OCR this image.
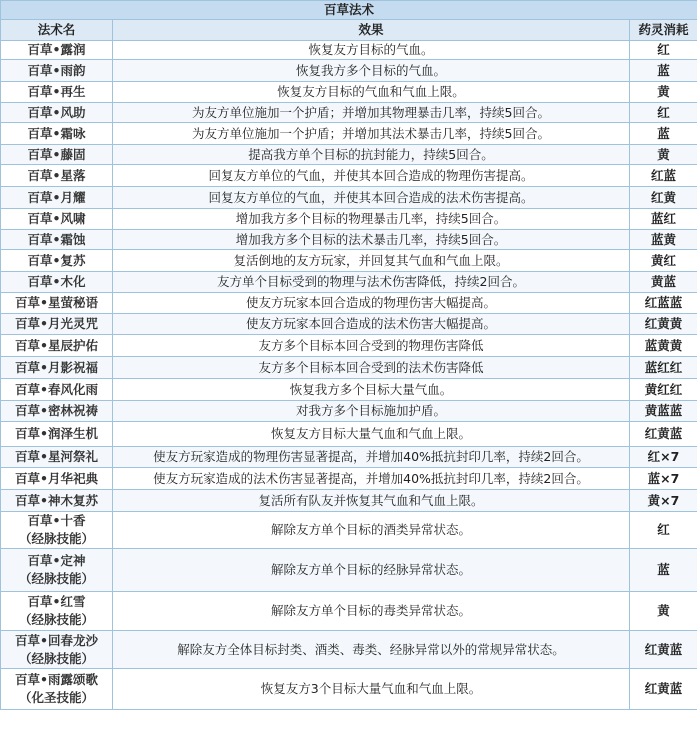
百草法术		
法术名	效果	药灵消耗

百草•露润	恢复友方目标的气血。	红

百草•雨韵	恢复我方多个目标的气血。	蓝

百草•再生	恢复友方目标的气血和气血上限。	黄

百草•风助	为友方单位施加一个护盾；并增加其物理暴击几率，持续5回合。	红

百草•霜咏	为友方单位施加一个护盾；并增加其法术暴击几率，持续5回合。	蓝

百草•藤固	提高我方单个目标的抗封能力，持续5回合。	黄

百草•星落	回复友方单位的气血，并使其本回合造成的物理伤害提高。	红蓝

百草•月耀	回复友方单位的气血，并使其本回合造成的法术伤害提高。	红黄

百草•风啸	增加我方多个目标的物理暴击几率，持续5回合。	蓝红

百草•霜蚀	增加我方多个目标的法术暴击几率，持续5回合。	蓝黄

百草•复苏	复活倒地的友方玩家，并回复其气血和气血上限。	黄红

百草•木化	友方单个目标受到的物理与法术伤害降低，持续2回合。	黄蓝

百草•星萤秘语	使友方玩家本回合造成的物理伤害大幅提高。	红蓝蓝

百草•月光灵咒	使友方玩家本回合造成的法术伤害大幅提高。	红黄黄

百草•星辰护佑	友方多个目标本回合受到的物理伤害降低	蓝黄黄

百草•月影祝福	友方多个目标本回合受到的法术伤害降低	蓝红红

百草•春风化雨	恢复我方多个目标大量气血。	黄红红

百草•密林祝祷	对我方多个目标施加护盾。	黄蓝蓝

百草•润泽生机	恢复友方目标大量气血和气血上限。	红黄蓝

百草•星河祭礼	使友方玩家造成的物理伤害显著提高，并增加40%抵抗封印几率，持续2回合。	红×7

百草•月华祀典	使友方玩家造成的法术伤害显著提高，并增加40%抵抗封印几率，持续2回合。	蓝×7

百草•神木复苏	复活所有队友并恢复其气血和气血上限。	黄×7

百草•十香
（经脉技能）	解除友方单个目标的酒类异常状态。	红

百草•定神
（经脉技能）	解除友方单个目标的经脉异常状态。	蓝

百草•红雪
（经脉技能）	解除友方单个目标的毒类异常状态。	黄

百草•回春龙沙
（经脉技能）	解除友方全体目标封类、酒类、毒类、经脉异常以外的常规异常状态。	红黄蓝

百草•雨露颂歌
（化圣技能）	恢复友方3个目标大量气血和气血上限。	红黄蓝
